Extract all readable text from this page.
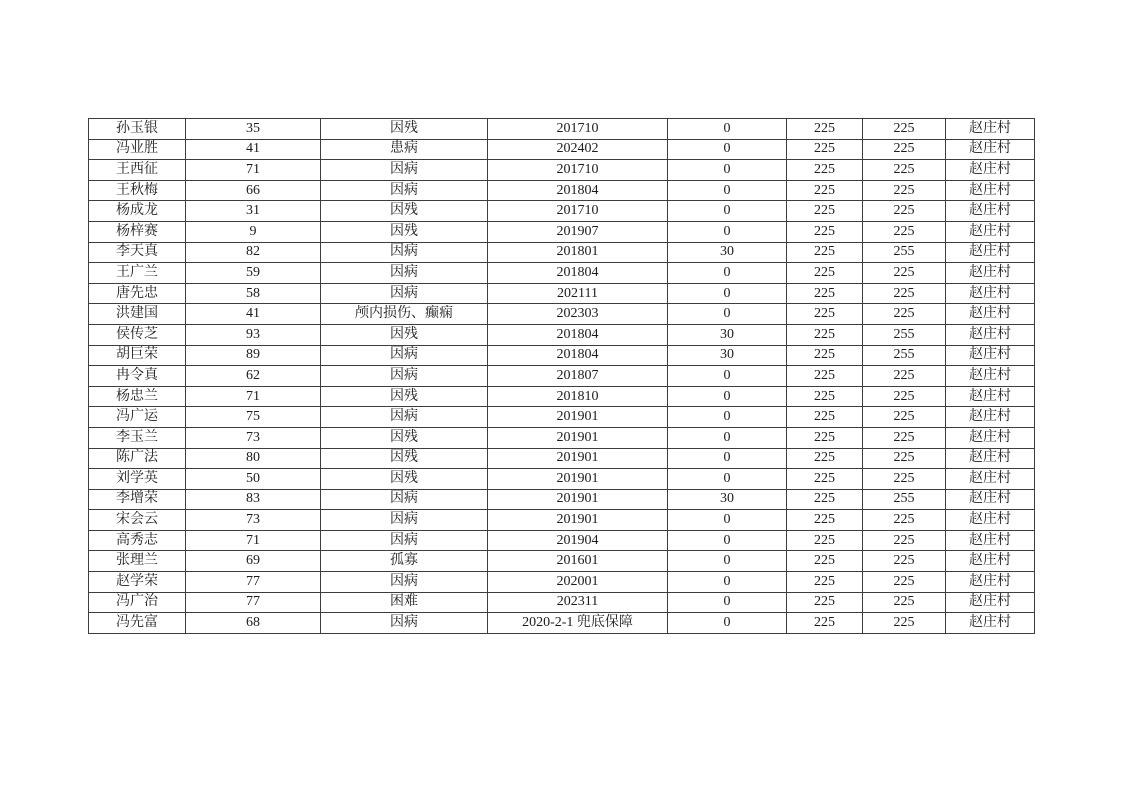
孙玉银	35	因残	201710	0	225	225	赵庄村
冯业胜	41	患病	202402	0	225	225	赵庄村
王西征	71	因病	201710	0	225	225	赵庄村
王秋梅	66	因病	201804	0	225	225	赵庄村
杨成龙	31	因残	201710	0	225	225	赵庄村
杨梓赛	9	因残	201907	0	225	225	赵庄村
李天真	82	因病	201801	30	225	255	赵庄村
王广兰	59	因病	201804	0	225	225	赵庄村
唐先忠	58	因病	202111	0	225	225	赵庄村
洪建国	41	颅内损伤、癫痫	202303	0	225	225	赵庄村
侯传芝	93	因残	201804	30	225	255	赵庄村
胡巨荣	89	因病	201804	30	225	255	赵庄村
冉令真	62	因病	201807	0	225	225	赵庄村
杨忠兰	71	因残	201810	0	225	225	赵庄村
冯广运	75	因病	201901	0	225	225	赵庄村
李玉兰	73	因残	201901	0	225	225	赵庄村
陈广法	80	因残	201901	0	225	225	赵庄村
刘学英	50	因残	201901	0	225	225	赵庄村
李增荣	83	因病	201901	30	225	255	赵庄村
宋会云	73	因病	201901	0	225	225	赵庄村
高秀志	71	因病	201904	0	225	225	赵庄村
张理兰	69	孤寡	201601	0	225	225	赵庄村
赵学荣	77	因病	202001	0	225	225	赵庄村
冯广治	77	困难	202311	0	225	225	赵庄村
冯先富	68	因病	2020-2-1 兜底保障	0	225	225	赵庄村
